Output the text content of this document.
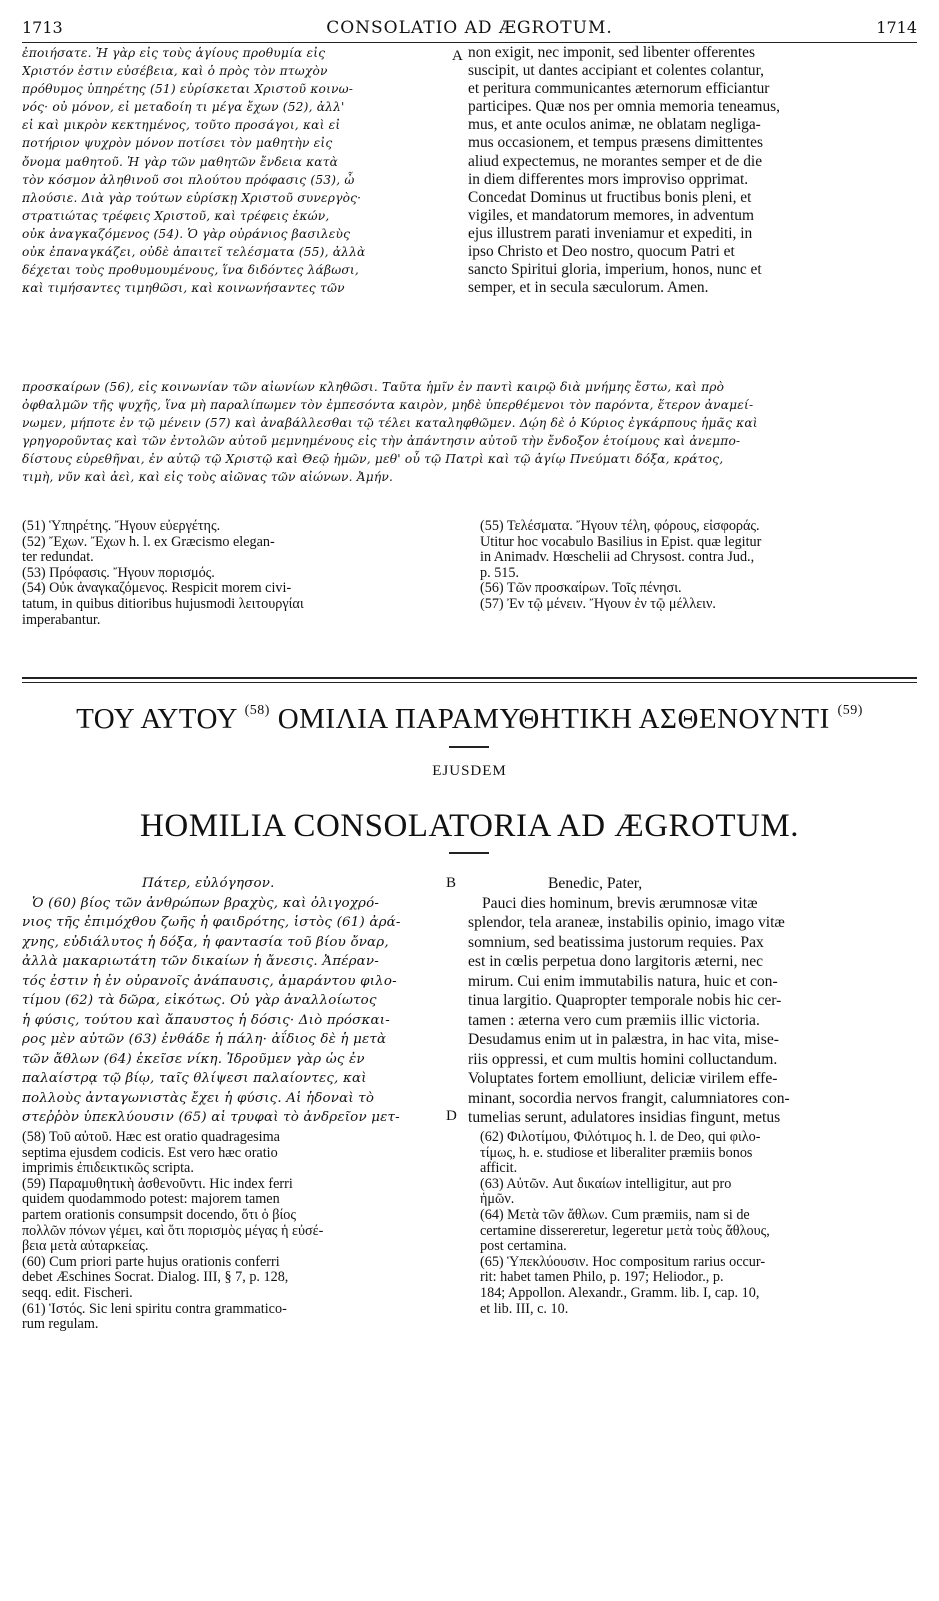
1713	CONSOLATIO AD ÆGROTUM.	1714
ἐποιήσατε. Ἡ γὰρ εἰς τοὺς ἁγίους προθυμία εἰς
Χριστόν ἐστιν εὐσέβεια, καὶ ὁ πρὸς τὸν πτωχὸν
πρόθυμος ὑπηρέτης (51) εὑρίσκεται Χριστοῦ κοινω-
νός· οὐ μόνον, εἰ μεταδοίη τι μέγα ἔχων (52), ἀλλ'
εἰ καὶ μικρὸν κεκτημένος, τοῦτο προσάγοι, καὶ εἰ
ποτήριον ψυχρὸν μόνον ποτίσει τὸν μαθητὴν εἰς
ὄνομα μαθητοῦ. Ἡ γὰρ τῶν μαθητῶν ἔνδεια κατὰ
τὸν κόσμον ἀληθινοῦ σοι πλούτου πρόφασις (53), ὦ
πλούσιε. Διὰ γὰρ τούτων εὑρίσκῃ Χριστοῦ συνεργὸς·
στρατιώτας τρέφεις Χριστοῦ, καὶ τρέφεις ἑκών,
οὐκ ἀναγκαζόμενος (54). Ὁ γὰρ οὐράνιος βασιλεὺς
οὐκ ἐπαναγκάζει, οὐδὲ ἀπαιτεῖ τελέσματα (55), ἀλλὰ
δέχεται τοὺς προθυμουμένους, ἵνα διδόντες λάβωσι,
καὶ τιμήσαντες τιμηθῶσι, καὶ κοινωνήσαντες τῶν
A non exigit, nec imponit, sed libenter offerentes
suscipit, ut dantes accipiant et colentes colantur,
et peritura communicantes æternorum efficiantur
participes. Quæ nos per omnia memoria teneamus,
mus, et ante oculos animæ, ne oblatam negliga-
mus occasionem, et tempus præsens dimittentes
aliud expectemus, ne morantes semper et de die
in diem differentes mors improviso opprimat.
Concedat Dominus ut fructibus bonis pleni, et
vigiles, et mandatorum memores, in adventum
ejus illustrem parati inveniamur et expediti, in
ipso Christo et Deo nostro, quocum Patri et
sancto Spiritui gloria, imperium, honos, nunc et
semper, et in secula sæculorum. Amen.
προσκαίρων (56), εἰς κοινωνίαν τῶν αἰωνίων κληθῶσι. Ταῦτα ἡμῖν ἐν παντὶ καιρῷ διὰ μνήμης ἔστω, καὶ πρὸ
ὀφθαλμῶν τῆς ψυχῆς, ἵνα μὴ παραλίπωμεν τὸν ἐμπεσόντα καιρὸν, μηδὲ ὑπερθέμενοι τὸν παρόντα, ἕτερον ἀναμεί-
νωμεν, μήποτε ἐν τῷ μένειν (57) καὶ ἀναβάλλεσθαι τῷ τέλει καταληφθῶμεν. Δῴη δὲ ὁ Κύριος ἐγκάρπους ἡμᾶς καὶ
γρηγοροῦντας καὶ τῶν ἐντολῶν αὐτοῦ μεμνημένους εἰς τὴν ἀπάντησιν αὐτοῦ τὴν ἔνδοξον ἑτοίμους καὶ ἀνεμπο-
δίστους εὑρεθῆναι, ἐν αὐτῷ τῷ Χριστῷ καὶ Θεῷ ἡμῶν, μεθ' οὗ τῷ Πατρὶ καὶ τῷ ἁγίῳ Πνεύματι δόξα, κράτος,
τιμὴ, νῦν καὶ ἀεὶ, καὶ εἰς τοὺς αἰῶνας τῶν αἰώνων. Ἀμήν.
(51) Ὑπηρέτης. Ἤγουν εὐεργέτης.
(52) Ἔχων. Ἔχων h. l. ex Græcismo elegan-
ter redundat.
(53) Πρόφασις. Ἤγουν πορισμός.
(54) Οὐκ ἀναγκαζόμενος. Respicit morem civi-
tatum, in quibus ditioribus hujusmodi λειτουργίαι
imperabantur.
(55) Τελέσματα. Ἤγουν τέλη, φόρους, εἰσφοράς.
Utitur hoc vocabulo Basilius in Epist. quæ legitur
in Animadv. Hœschelii ad Chrysost. contra Jud.,
p. 515.
(56) Τῶν προσκαίρων. Τοῖς πένησι.
(57) Ἐν τῷ μένειν. Ἤγουν ἐν τῷ μέλλειν.
ΤΟΥ ΑΥΤΟΥ $^{(58)}$ ΟΜΙΛΙΑ ΠΑΡΑΜΥΘΗΤΙΚΗ ΑΣΘΕΝΟΥΝΤΙ $^{(59)}$
EJUSDEM
HOMILIA CONSOLATORIA AD ÆGROTUM.
B
Πάτερ, εὐλόγησον.
Ὁ (60) βίος τῶν ἀνθρώπων βραχὺς, καὶ ὀλιγοχρό-
νιος τῆς ἐπιμόχθου ζωῆς ἡ φαιδρότης, ἱστὸς (61) ἀρά-
χνης, εὐδιάλυτος ἡ δόξα, ἡ φαντασία τοῦ βίου ὄναρ,
ἀλλὰ μακαριωτάτη τῶν δικαίων ἡ ἄνεσις. Ἀπέραν-
τός ἐστιν ἡ ἐν οὐρανοῖς ἀνάπαυσις, ἀμαράντου φιλο-
τίμου (62) τὰ δῶρα, εἰκότως. Οὐ γὰρ ἀναλλοίωτος
ἡ φύσις, τούτου καὶ ἄπαυστος ἡ δόσις· Διὸ πρόσκαι-
ρος μὲν αὐτῶν (63) ἐνθάδε ἡ πάλη· ἀΐδιος δὲ ἡ μετὰ
τῶν ἄθλων (64) ἐκεῖσε νίκη. Ἱδροῦμεν γὰρ ὡς ἐν
παλαίστρᾳ τῷ βίῳ, ταῖς θλίψεσι παλαίοντες, καὶ
πολλοὺς ἀνταγωνιστὰς ἔχει ἡ φύσις. Αἱ ἡδοναὶ τὸ
στεῤῥὸν ὑπεκλύουσιν (65) αἱ τρυφαὶ τὸ ἀνδρεῖον μετ-
Benedic, Pater,
Pauci dies hominum, brevis ærumnosæ vitæ
splendor, tela araneæ, instabilis opinio, imago vitæ
somnium, sed beatissima justorum requies. Pax
est in cœlis perpetua dono largitoris æterni, nec
mirum. Cui enim immutabilis natura, huic et con-
tinua largitio. Quapropter temporale nobis hic cer-
tamen : æterna vero cum præmiis illic victoria.
Desudamus enim ut in palæstra, in hac vita, mise-
riis oppressi, et cum multis homini colluctandum.
Voluptates fortem emolliunt, deliciæ virilem effe-
minant, socordia nervos frangit, calumniatores con-
tumelias serunt, adulatores insidias fingunt, metus
D
(58) Τοῦ αὐτοῦ. Hæc est oratio quadragesima
septima ejusdem codicis. Est vero hæc oratio
imprimis ἐπιδεικτικῶς scripta.
(59) Παραμυθητικὴ ἀσθενοῦντι. Hic index ferri
quidem quodammodo potest: majorem tamen
partem orationis consumpsit docendo, ὅτι ὁ βίος
πολλῶν πόνων γέμει, καὶ ὅτι πορισμὸς μέγας ἡ εὐσέ-
βεια μετὰ αὐταρκείας.
(60) Cum priori parte hujus orationis conferri
debet Æschines Socrat. Dialog. III, § 7, p. 128,
seqq. edit. Fischeri.
(61) Ἱστός. Sic leni spiritu contra grammatico-
rum regulam.
(62) Φιλοτίμου, Φιλότιμος h. l. de Deo, qui φιλο-
τίμως, h. e. studiose et liberaliter præmiis bonos
afficit.
(63) Αὐτῶν. Aut δικαίων intelligitur, aut pro
ἡμῶν.
(64) Μετὰ τῶν ἄθλων. Cum præmiis, nam si de
certamine dissereretur, legeretur μετὰ τοὺς ἄθλους,
post certamina.
(65) Ὑπεκλύουσιν. Hoc compositum rarius occur-
rit: habet tamen Philo, p. 197; Heliodor., p.
184; Appollon. Alexandr., Gramm. lib. I, cap. 10,
et lib. III, c. 10.
